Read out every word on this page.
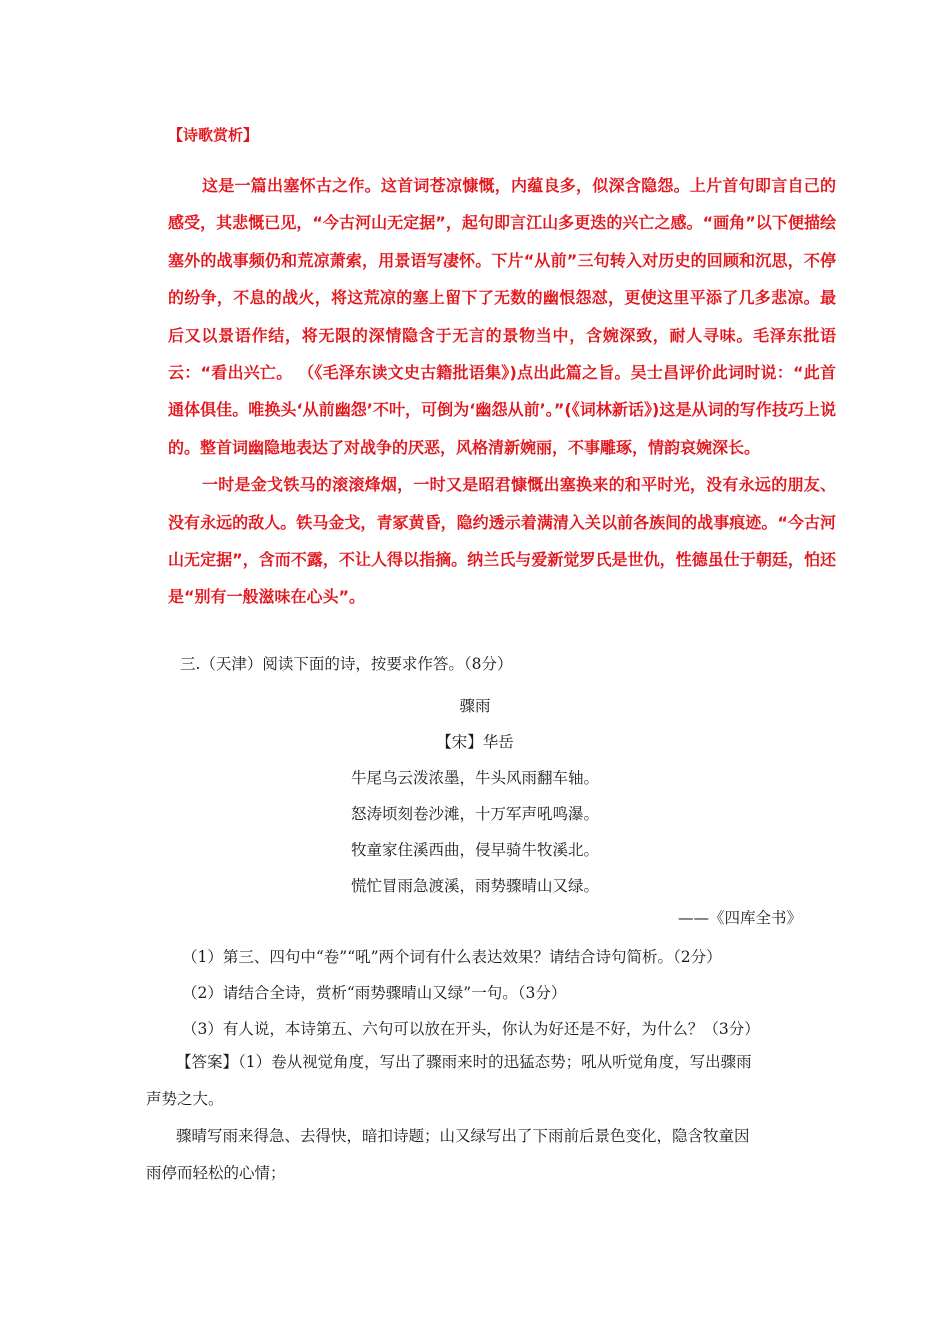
【诗歌赏析】

这是一篇出塞怀古之作。这首词苍凉慷慨，内蕴良多，似深含隐怨。上片首句即言自己的感受，其悲慨已见，“今古河山无定据”，起句即言江山多更迭的兴亡之感。“画角”以下便描绘塞外的战事频仍和荒凉萧索，用景语写凄怀。下片“从前”三句转入对历史的回顾和沉思，不停的纷争，不息的战火，将这荒凉的塞上留下了无数的幽恨怨怼，更使这里平添了几多悲凉。最后又以景语作结，将无限的深情隐含于无言的景物当中，含婉深致，耐人寻味。毛泽东批语云：“看出兴亡。 （《毛泽东读文史古籍批语集》)点出此篇之旨。吴士昌评价此词时说：“此首通体俱佳。唯换头‘从前幽怨’不叶，可倒为‘幽怨从前’。”(《词林新话》)这是从词的写作技巧上说的。整首词幽隐地表达了对战争的厌恶，风格清新婉丽，不事雕琢，情韵哀婉深长。

一时是金戈铁马的滚滚烽烟，一时又是昭君慷慨出塞换来的和平时光，没有永远的朋友、没有永远的敌人。铁马金戈，青冢黄昏，隐约透示着满清入关以前各族间的战事痕迹。“今古河山无定据”，含而不露，不让人得以指摘。纳兰氏与爱新觉罗氏是世仇，性德虽仕于朝廷，怕还是“别有一般滋味在心头”。

三.（天津）阅读下面的诗，按要求作答。（8分）
骤雨
【宋】华岳
牛尾乌云泼浓墨，牛头风雨翻车轴。
怒涛顷刻卷沙滩，十万军声吼鸣瀑。
牧童家住溪西曲，侵早骑牛牧溪北。
慌忙冒雨急渡溪，雨势骤晴山又绿。
——《四库全书》
（1）第三、四句中“卷”“吼”两个词有什么表达效果？请结合诗句简析。（2分）
（2）请结合全诗，赏析“雨势骤晴山又绿”一句。（3分）
（3）有人说，本诗第五、六句可以放在开头，你认为好还是不好，为什么？（3分）

【答案】（1）卷从视觉角度，写出了骤雨来时的迅猛态势；吼从听觉角度，写出骤雨

声势之大。

骤晴写雨来得急、去得快，暗扣诗题；山又绿写出了下雨前后景色变化，隐含牧童因

雨停而轻松的心情；
